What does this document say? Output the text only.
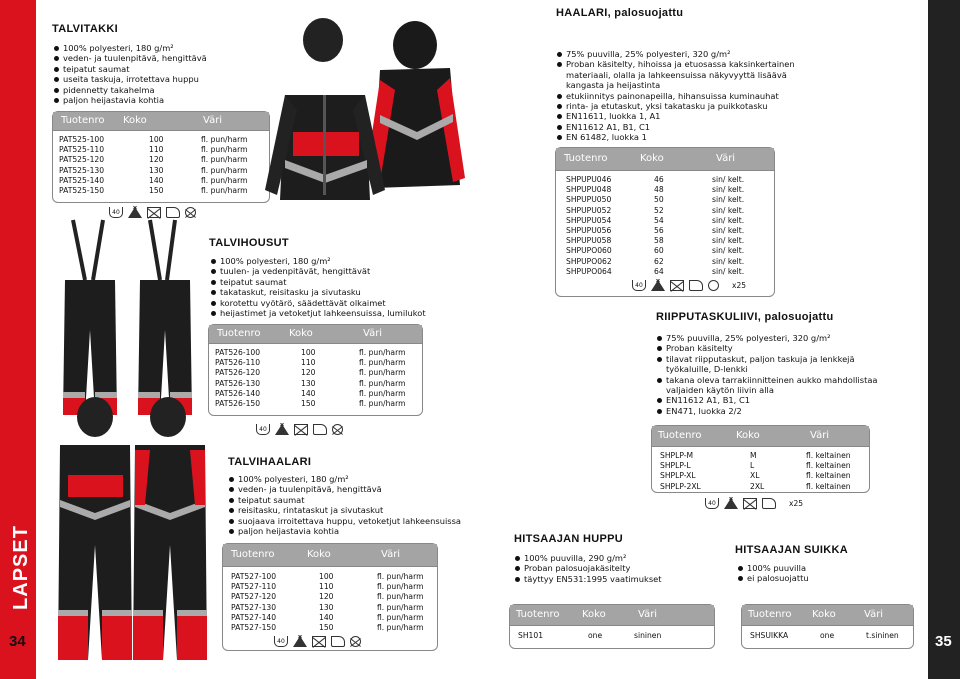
LAPSET	PALOSUOJATUT
34	35
TALVITAKKI
100% polyesteri, 180 g/m²
veden- ja tuulenpitävä, hengittävä
teipatut saumat
useita taskuja, irrotettava huppu
pidennetty takahelma
paljon heijastavia kohtia
Tuotenro Koko	Väri
PAT525-100	100	fl. pun/harm
PAT525-110	110	fl. pun/harm
PAT525-120	120	fl. pun/harm
PAT525-130	130	fl. pun/harm
PAT525-140	140	fl. pun/harm
PAT525-150	150	fl. pun/harm
40
TALVIHOUSUT
100% polyesteri, 180 g/m²
tuulen- ja vedenpitävät, hengittävät
teipatut saumat
takataskut, reisitasku ja sivutasku
korotettu vyötärö, säädettävät olkaimet
heijastimet ja vetoketjut lahkeensuissa, lumilukot
Tuotenro	Koko	Väri
PAT526-100	100	fl. pun/harm
PAT526-110	110	fl. pun/harm
PAT526-120	120	fl. pun/harm
PAT526-130	130	fl. pun/harm
PAT526-140	140	fl. pun/harm
PAT526-150	150	fl. pun/harm
40
TALVIHAALARI
100% polyesteri, 180 g/m²
veden- ja tuulenpitävä, hengittävä
teipatut saumat
reisitasku, rintataskut ja sivutaskut
suojaava irroitettava huppu, vetoketjut lahkeensuissa
paljon heijastavia kohtia
Tuotenro	Koko	Väri
PAT527-100	100	fl. pun/harm
PAT527-110	110	fl. pun/harm
PAT527-120	120	fl. pun/harm
PAT527-130	130	fl. pun/harm
PAT527-140	140	fl. pun/harm
PAT527-150	150	fl. pun/harm
40
HAALARI, palosuojattu
75% puuvilla, 25% polyesteri, 320 g/m²
Proban käsitelty, hihoissa ja etuosassa kaksinkertainen
materiaali, olalla ja lahkeensuissa näkyvyyttä lisäävä
kangasta ja heijastinta
etukiinnitys painonapeilla, hihansuissa kuminauhat
rinta- ja etutaskut, yksi takatasku ja puikkotasku
EN11611, luokka 1, A1
EN11612 A1, B1, C1
EN 61482, luokka 1
Tuotenro	Koko	Väri
SHPUPU046	46	sin/ kelt.
SHPUPU048	48	sin/ kelt.
SHPUPU050	50	sin/ kelt.
SHPUPU052	52	sin/ kelt.
SHPUPU054	54	sin/ kelt.
SHPUPU056	56	sin/ kelt.
SHPUPU058	58	sin/ kelt.
SHPUPO060	60	sin/ kelt.
SHPUPO062	62	sin/ kelt.
SHPUPO064	64	sin/ kelt.
40	x25
RIIPPUTASKULIIVI, palosuojattu
75% puuvilla, 25% polyesteri, 320 g/m²
Proban käsitelty
tilavat riipputaskut, paljon taskuja ja lenkkejä
työkaluille, D-lenkki
takana oleva tarrakiinnitteinen aukko mahdollistaa
valjaiden käytön liivin alla
EN11612 A1, B1, C1
EN471, luokka 2/2
Tuotenro	Koko	Väri
SHPLP-M	M	fl. keltainen
SHPLP-L	L	fl. keltainen
SHPLP-XL	XL	fl. keltainen
SHPLP-2XL	2XL	fl. keltainen
40	x25
HITSAAJAN HUPPU
100% puuvilla, 290 g/m²
Proban palosuojakäsitelty
täyttyy EN531:1995 vaatimukset
Tuotenro Koko	Väri
SH101	one	sininen
HITSAAJAN SUIKKA
100% puuvilla
ei palosuojattu
Tuotenro Koko	Väri
SHSUIKKA	one	t.sininen
